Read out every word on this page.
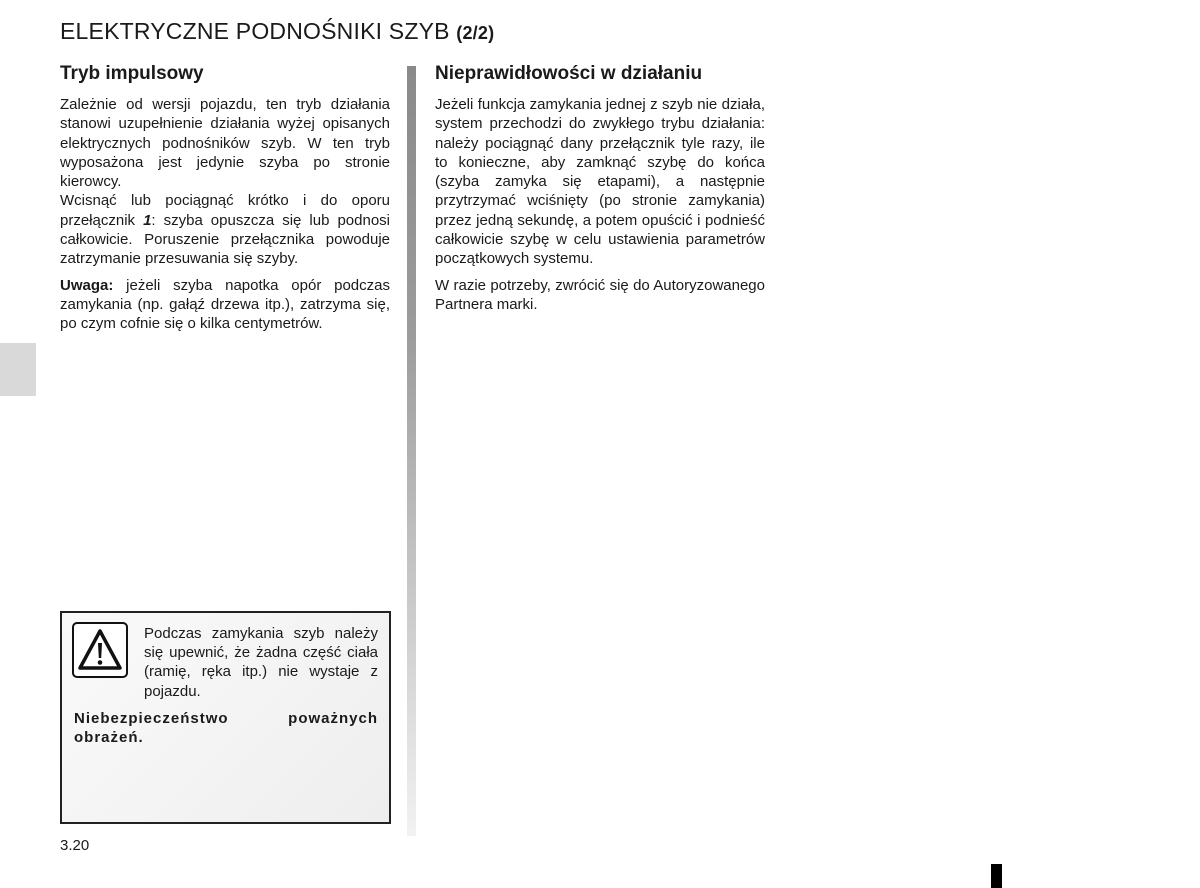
ELEKTRYCZNE PODNOŚNIKI SZYB (2/2)
Tryb impulsowy

Zależnie od wersji pojazdu, ten tryb działania stanowi uzupełnienie działania wyżej opisanych elektrycznych podnośników szyb. W ten tryb wyposażona jest jedynie szyba po stronie kierowcy.
Wcisnąć lub pociągnąć krótko i do oporu przełącznik 1: szyba opuszcza się lub podnosi całkowicie. Poruszenie przełącznika powoduje zatrzymanie przesuwania się szyby.

Uwaga: jeżeli szyba napotka opór podczas zamykania (np. gałąź drzewa itp.), zatrzyma się, po czym cofnie się o kilka centymetrów.

Podczas zamykania szyb należy się upewnić, że żadna część ciała (ramię, ręka itp.) nie wystaje z pojazdu.

Niebezpieczeństwo poważnych obrażeń.

Nieprawidłowości w działaniu

Jeżeli funkcja zamykania jednej z szyb nie działa, system przechodzi do zwykłego trybu działania: należy pociągnąć dany przełącznik tyle razy, ile to konieczne, aby zamknąć szybę do końca (szyba zamyka się etapami), a następnie przytrzymać wciśnięty (po stronie zamykania) przez jedną sekundę, a potem opuścić i podnieść całkowicie szybę w celu ustawienia parametrów początkowych systemu.

W razie potrzeby, zwrócić się do Autoryzowanego Partnera marki.

3.20
